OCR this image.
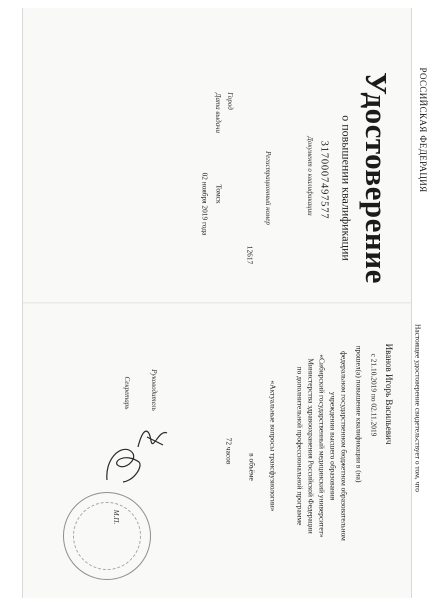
РОССИЙСКАЯ ФЕДЕРАЦИЯ
Удостоверение
о повышении квалификации
3170007497577
Документ о квалификации
Регистрационный номер
12617
Город
Томск
Дата выдачи
02 ноября 2019 года
Настоящее удостоверение свидетельствует о том, что
Иванов Игорь Васильевич
с 21.10.2019 по 02.11.2019
прошел(а) повышение квалификации в (на)
федеральном государственном бюджетном образовательном
учреждении высшего образования
«Сибирский государственный медицинский университет»
Министерства здравоохранения Российской Федерации
по дополнительной профессиональной программе
«Актуальные вопросы трансфузиологии»
в объёме
72 часов
Руководитель
Секретарь
М.П.
